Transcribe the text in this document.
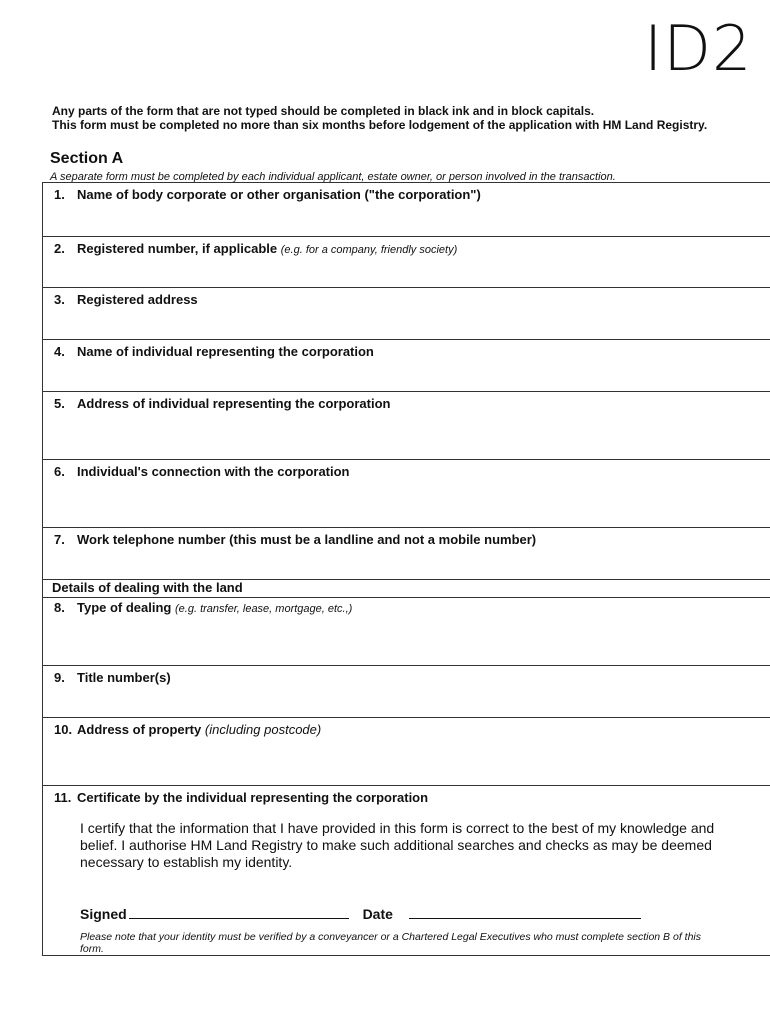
ID2

Any parts of the form that are not typed should be completed in black ink and in block capitals.

This form must be completed no more than six months before lodgement of the application with HM Land Registry.

Section A
A separate form must be completed by each individual applicant, estate owner, or person involved in the transaction.
1. Name of body corporate or other organisation ("the corporation")
2. Registered number, if applicable (e.g. for a company, friendly society)
3. Registered address
4. Name of individual representing the corporation
5. Address of individual representing the corporation
6. Individual's connection with the corporation
7. Work telephone number (this must be a landline and not a mobile number)
Details of dealing with the land
8. Type of dealing (e.g. transfer, lease, mortgage, etc.,)
9. Title number(s)
10. Address of property (including postcode)
11. Certificate by the individual representing the corporation
I certify that the information that I have provided in this form is correct to the best of my knowledge and belief. I authorise HM Land Registry to make such additional searches and checks as may be deemed necessary to establish my identity.
Signed	Date
Please note that your identity must be verified by a conveyancer or a Chartered Legal Executives who must complete section B of this form.
